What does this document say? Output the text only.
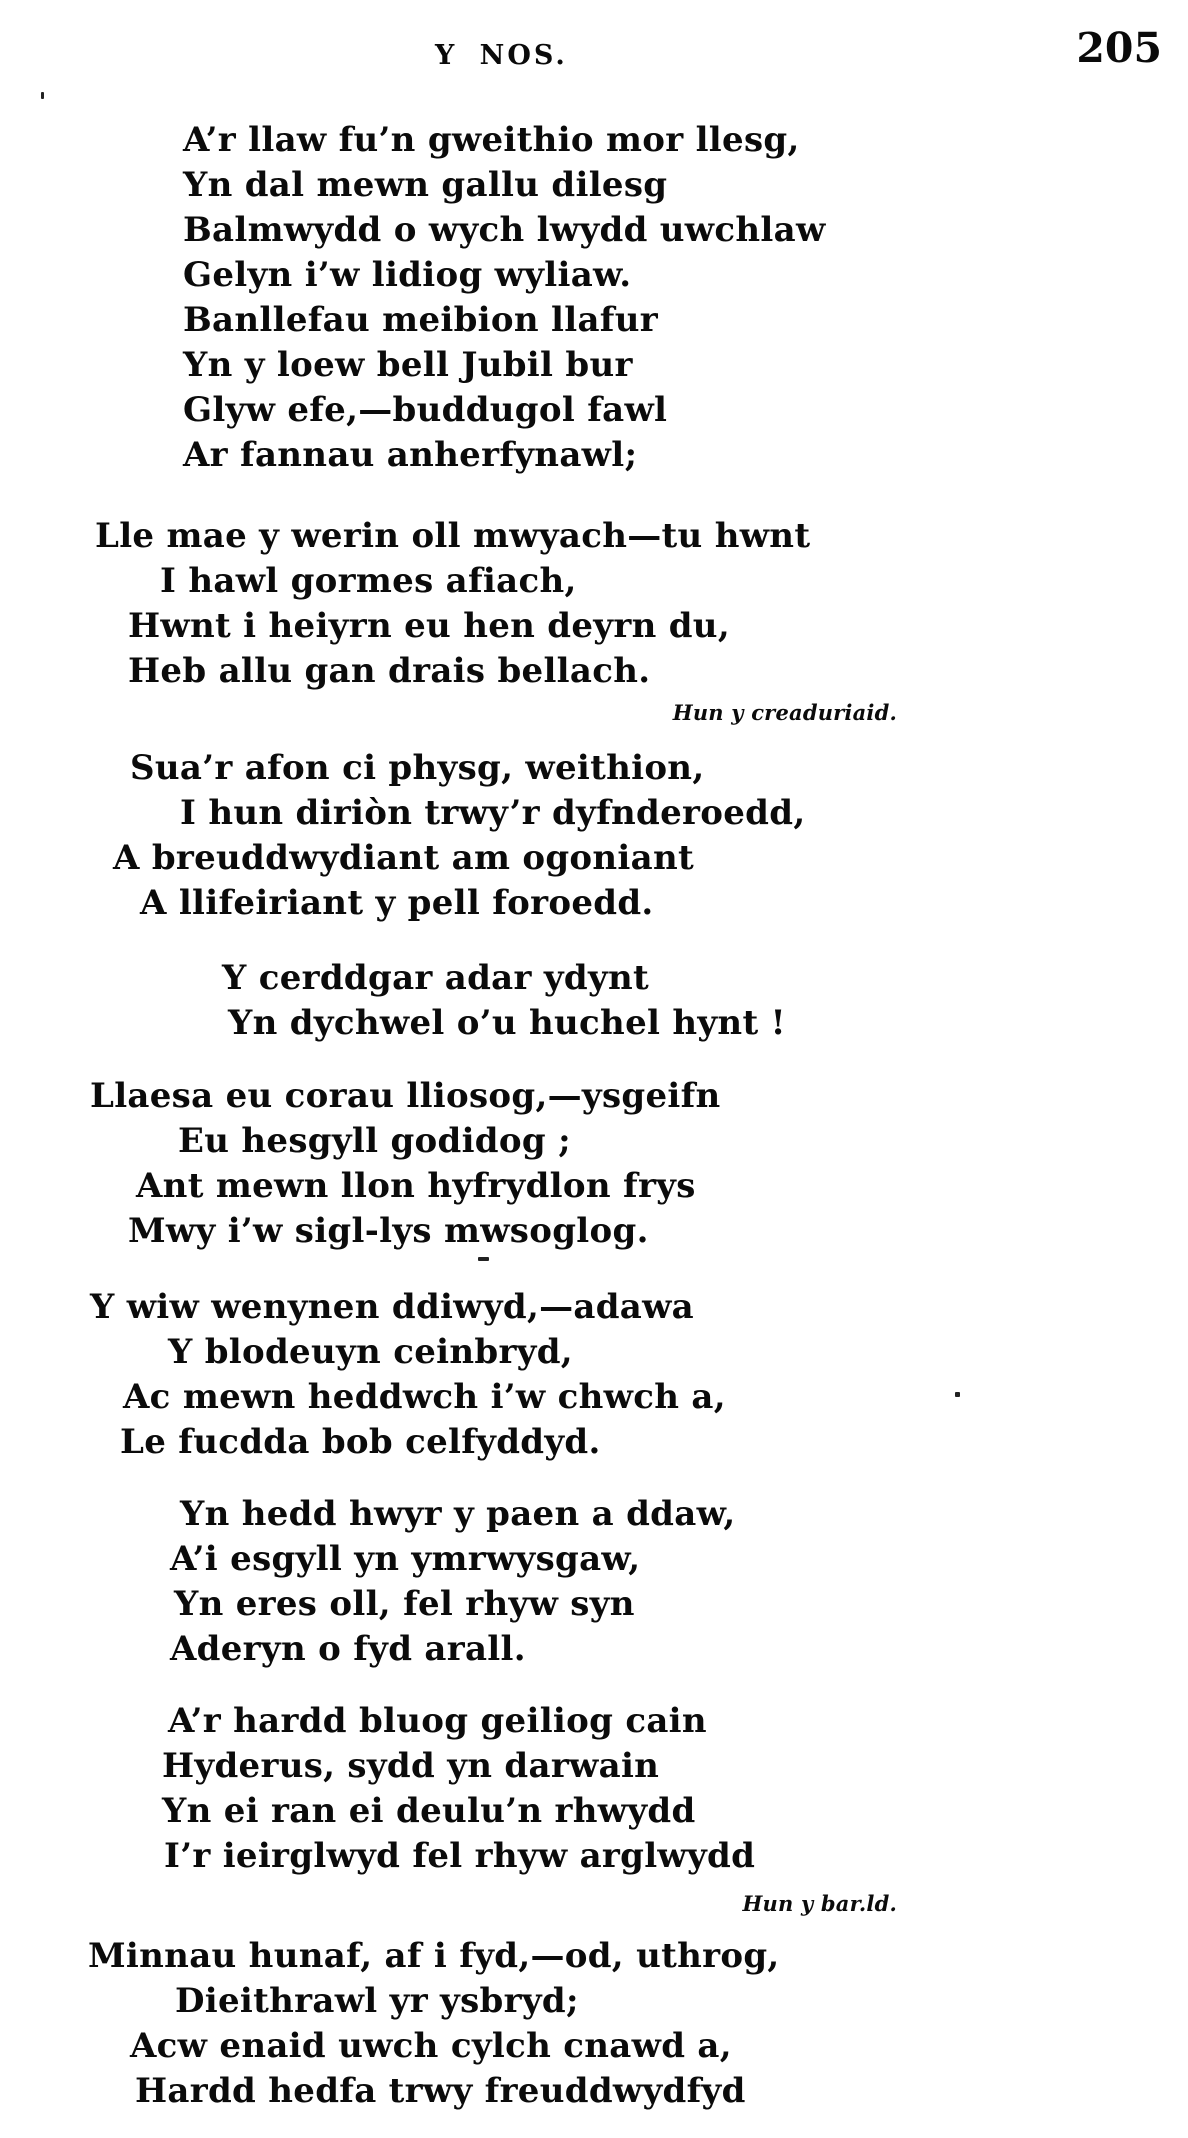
Y NOS.	205
A’r llaw fu’n gweithio mor llesg,
Yn dal mewn gallu dilesg
Balmwydd o wych lwydd uwchlaw
Gelyn i’w lidiog wyliaw.
Banllefau meibion llafur
Yn y loew bell Jubil bur
Glyw efe,—buddugol fawl
Ar fannau anherfynawl;
Lle mae y werin oll mwyach—tu hwnt
I hawl gormes afiach,
Hwnt i heiyrn eu hen deyrn du,
Heb allu gan drais bellach.
Hun y creaduriaid.
Sua’r afon ci physg, weithion,
I hun diriòn trwy’r dyfnderoedd,
A breuddwydiant am ogoniant
A llifeiriant y pell foroedd.
Y cerddgar adar ydynt
Yn dychwel o’u huchel hynt !
Llaesa eu corau lliosog,—ysgeifn
Eu hesgyll godidog ;
Ant mewn llon hyfrydlon frys
Mwy i’w sigl-lys mwsoglog.
Y wiw wenynen ddiwyd,—adawa
Y blodeuyn ceinbryd,
Ac mewn heddwch i’w chwch a,
Le fucdda bob celfyddyd.
Yn hedd hwyr y paen a ddaw,
A’i esgyll yn ymrwysgaw,
Yn eres oll, fel rhyw syn
Aderyn o fyd arall.
A’r hardd bluog geiliog cain
Hyderus, sydd yn darwain
Yn ei ran ei deulu’n rhwydd
I’r ieirglwyd fel rhyw arglwydd
Hun y bar.ld.
Minnau hunaf, af i fyd,—od, uthrog,
Dieithrawl yr ysbryd;
Acw enaid uwch cylch cnawd a,
Hardd hedfa trwy freuddwydfyd
